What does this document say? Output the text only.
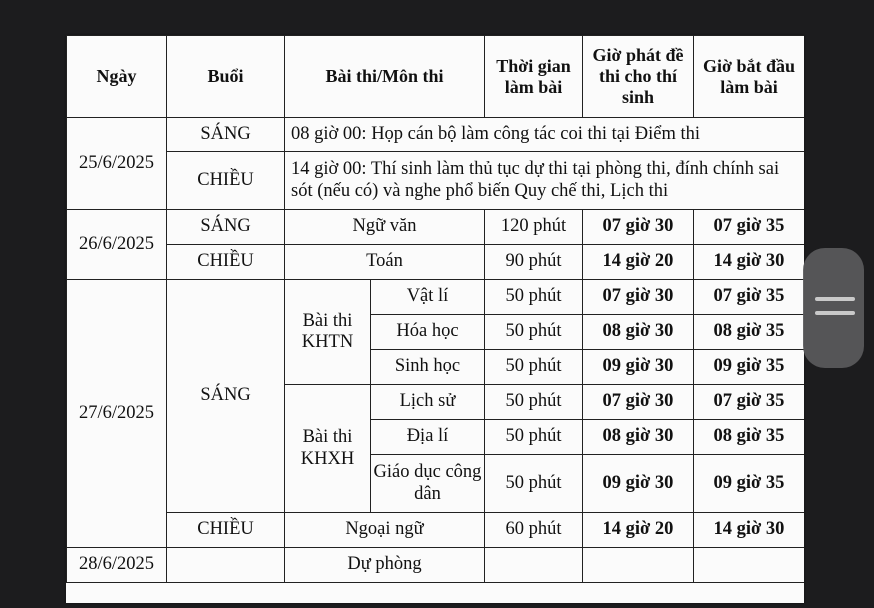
Ngày	Buổi	Bài thi/Môn thi		Thời gian làm bài	Giờ phát đề thi cho thí sinh	Giờ bắt đầu làm bài
25/6/2025	SÁNG	08 giờ 00: Họp cán bộ làm công tác coi thi tại Điểm thi				
	CHIỀU	14 giờ 00: Thí sinh làm thủ tục dự thi tại phòng thi, đính chính sai sót (nếu có) và nghe phổ biến Quy chế thi, Lịch thi				
26/6/2025	SÁNG	Ngữ văn		120 phút	07 giờ 30	07 giờ 35
	CHIỀU	Toán		90 phút	14 giờ 20	14 giờ 30
27/6/2025	SÁNG	Bài thi KHTN	Vật lí	50 phút	07 giờ 30	07 giờ 35
			Hóa học	50 phút	08 giờ 30	08 giờ 35
			Sinh học	50 phút	09 giờ 30	09 giờ 35
		Bài thi KHXH	Lịch sử	50 phút	07 giờ 30	07 giờ 35
			Địa lí	50 phút	08 giờ 30	08 giờ 35
			Giáo dục công dân	50 phút	09 giờ 30	09 giờ 35
	CHIỀU	Ngoại ngữ		60 phút	14 giờ 20	14 giờ 30
28/6/2025		Dự phòng				
